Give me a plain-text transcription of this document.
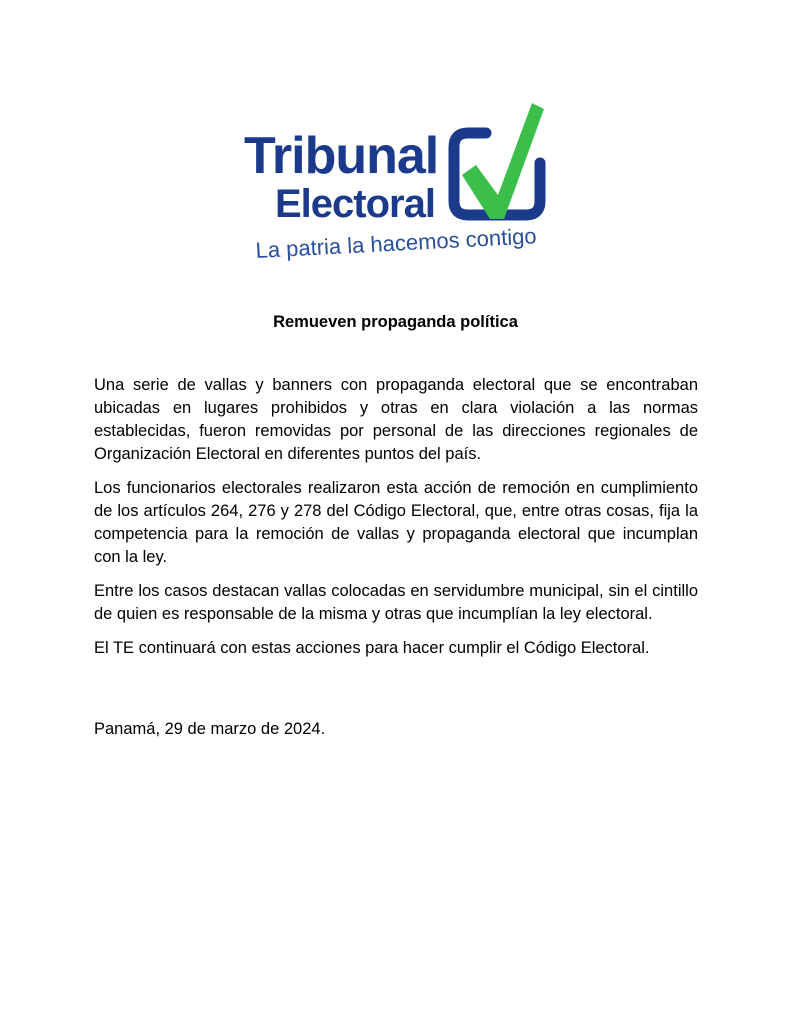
Tribunal
Electoral
La patria la hacemos contigo
Remueven propaganda política

Una serie de vallas y banners con propaganda electoral que se encontraban ubicadas en lugares prohibidos y otras en clara violación a las normas establecidas, fueron removidas por personal de las direcciones regionales de Organización Electoral en diferentes puntos del país.

Los funcionarios electorales realizaron esta acción de remoción en cumplimiento de los artículos 264, 276 y 278 del Código Electoral, que, entre otras cosas, fija la competencia para la remoción de vallas y propaganda electoral que incumplan con la ley.

Entre los casos destacan vallas colocadas en servidumbre municipal, sin el cintillo de quien es responsable de la misma y otras que incumplían la ley electoral.

El TE continuará con estas acciones para hacer cumplir el Código Electoral.

Panamá, 29 de marzo de 2024.
